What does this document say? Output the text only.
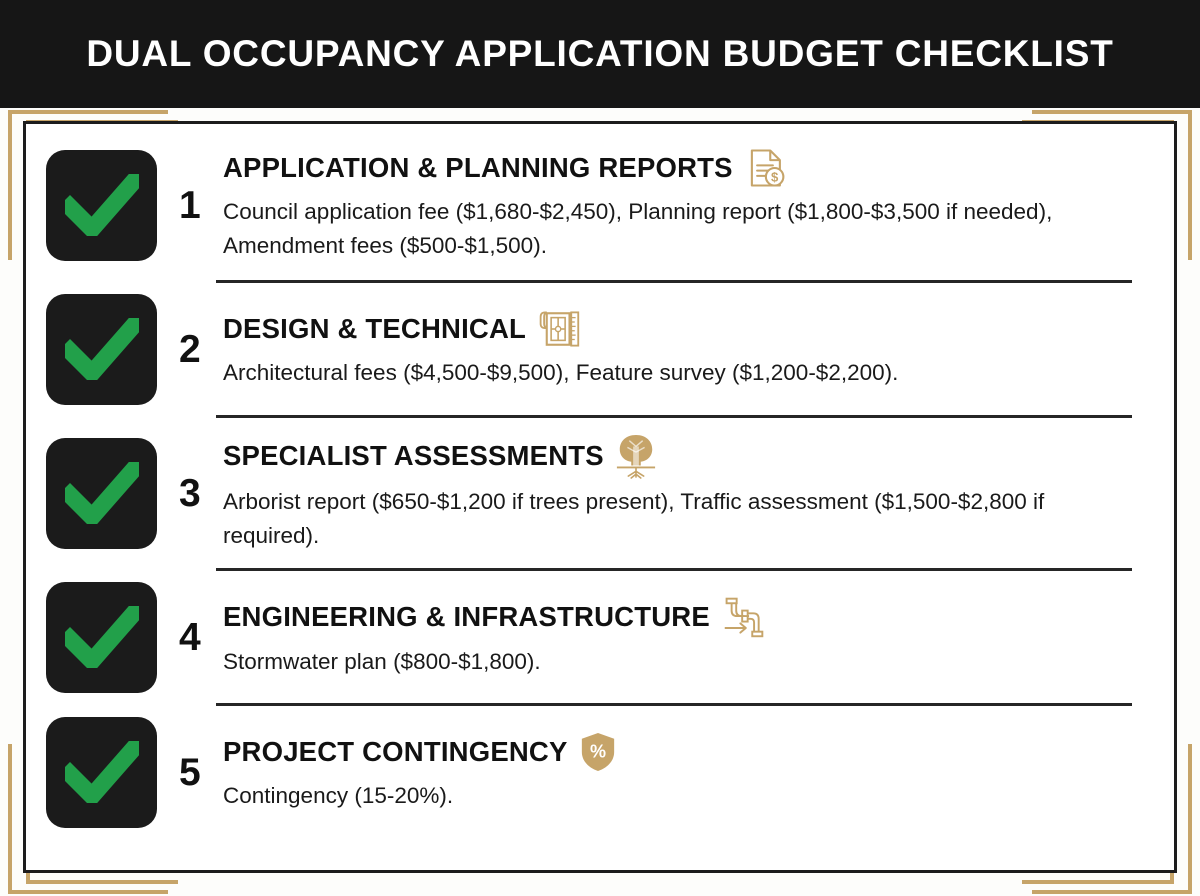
DUAL OCCUPANCY APPLICATION BUDGET CHECKLIST
1
APPLICATION & PLANNING REPORTS	$
Council application fee ($1,680-$2,450), Planning report ($1,800-$3,500 if needed), Amendment fees ($500-$1,500).
2 DESIGN & TECHNICAL
Architectural fees ($4,500-$9,500), Feature survey ($1,200-$2,200).
3
SPECIALIST ASSESSMENTS
Arborist report ($650-$1,200 if trees present), Traffic assessment ($1,500-$2,800 if required).
4 ENGINEERING & INFRASTRUCTURE
Stormwater plan ($800-$1,800).
5 PROJECT CONTINGENCY %
Contingency (15-20%).
